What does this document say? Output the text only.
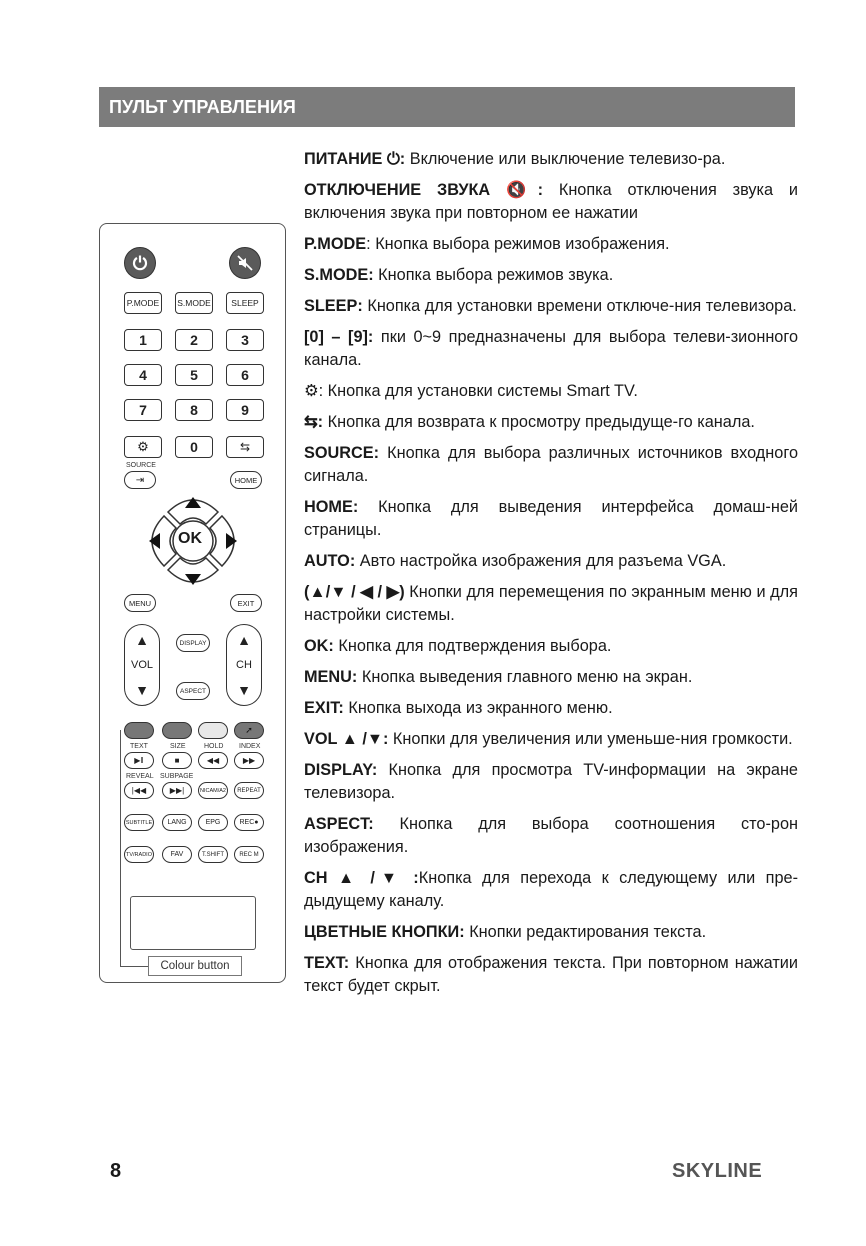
ПУЛЬТ УПРАВЛЕНИЯ
P.MODE	S.MODE	SLEEP
1	2	3
4	5	6
7	8	9
⚙	0	⇆
SOURCE
⇥	HOME
OK
MENU	EXIT
▲
VOL
▼
▲
CH
▼
DISPLAY
ASPECT
➚
TEXT	SIZE	HOLD INDEX
▶‖	■	◀◀	▶▶
REVEAL SUBPAGE
|◀◀	▶▶|	NICAM/A2	REPEAT
SUBTITLE	LANG	EPG	REC●
TV/RADIO	FAV	T.SHIFT	REC M
Colour button

ПИТАНИЕ ⏻: Включение или выключение телевизо-ра.

ОТКЛЮЧЕНИЕ ЗВУКА 🔇: Кнопка отключения звука и включения звука при повторном ее нажатии

P.MODE: Кнопка выбора режимов изображения.

S.MODE: Кнопка выбора режимов звука.

SLEEP: Кнопка для установки времени отключе-ния телевизора.

[0] – [9]: пки 0~9 предназначены для выбора телеви-зионного канала.

⚙: Кнопка для установки системы Smart TV.

⇆: Кнопка для возврата к просмотру предыдуще-го канала.

SOURCE: Кнопка для выбора различных источников входного сигнала.

HOME: Кнопка для выведения интерфейса домаш-ней страницы.

AUTO: Авто настройка изображения для разъема VGA.

(▲/▼ / ◀ / ▶) Кнопки для перемещения по экранным меню и для настройки системы.

OK: Кнопка для подтверждения выбора.

MENU: Кнопка выведения главного меню на экран.

EXIT: Кнопка выхода из экранного меню.

VOL ▲ /▼: Кнопки для увеличения или уменьше-ния громкости.

DISPLAY: Кнопка для просмотра TV-информации на экране телевизора.

ASPECT: Кнопка для выбора соотношения сто-рон изображения.

CH ▲ /▼ :Кнопка для перехода к следующему или пре-дыдущему каналу.

ЦВЕТНЫЕ КНОПКИ: Кнопки редактирования текста.

TEXT: Кнопка для отображения текста. При повторном нажатии текст будет скрыт.

8	SKYLINE
